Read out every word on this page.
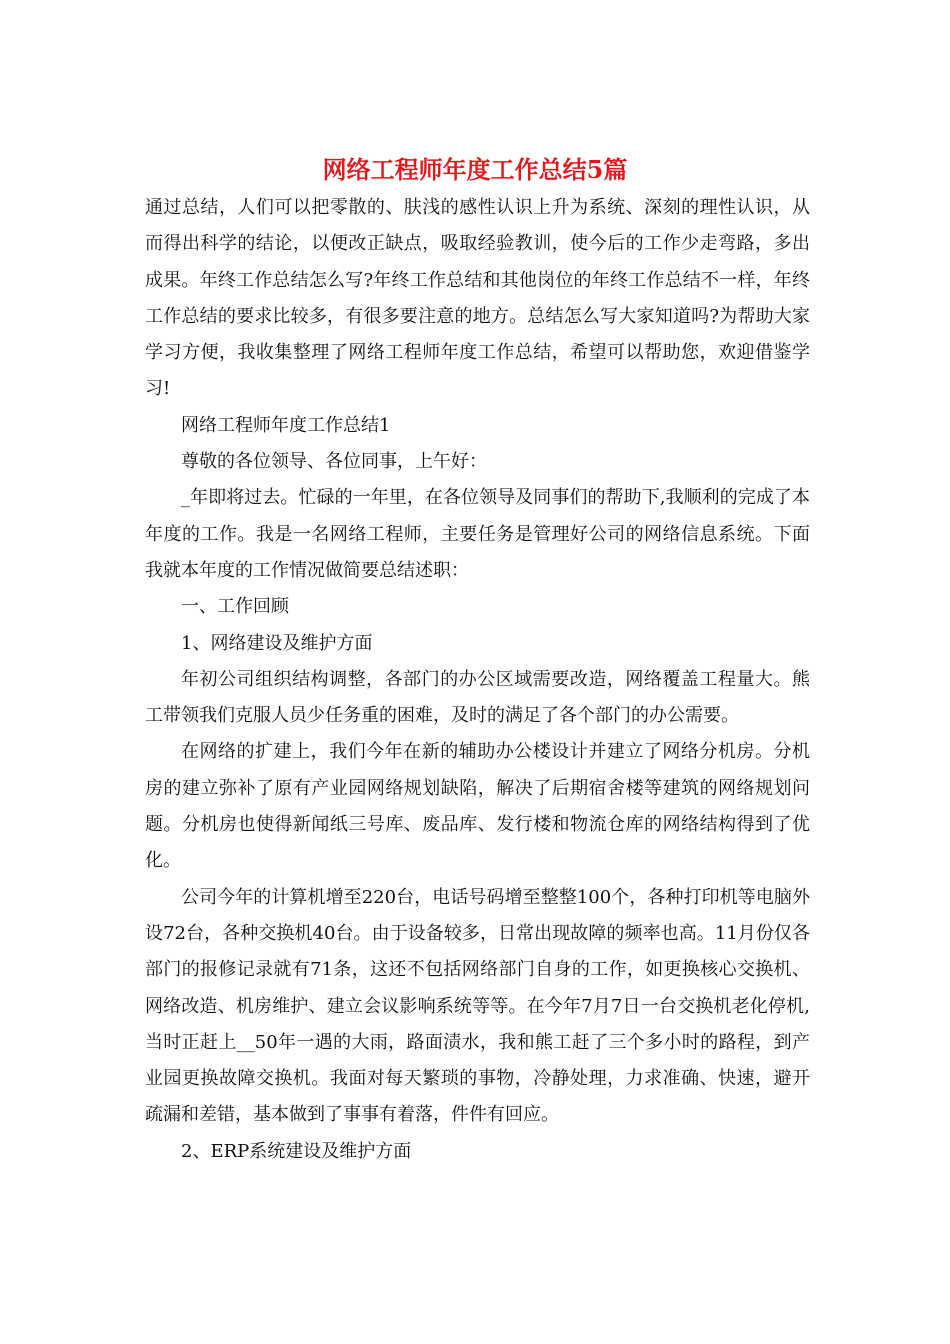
网络工程师年度工作总结5篇

通过总结，人们可以把零散的、肤浅的感性认识上升为系统、深刻的理性认识，从而得出科学的结论，以便改正缺点，吸取经验教训，使今后的工作少走弯路，多出成果。年终工作总结怎么写?年终工作总结和其他岗位的年终工作总结不一样，年终工作总结的要求比较多，有很多要注意的地方。总结怎么写大家知道吗?为帮助大家学习方便，我收集整理了网络工程师年度工作总结，希望可以帮助您，欢迎借鉴学习!

网络工程师年度工作总结1

尊敬的各位领导、各位同事，上午好：

_年即将过去。忙碌的一年里，在各位领导及同事们的帮助下,我顺利的完成了本年度的工作。我是一名网络工程师，主要任务是管理好公司的网络信息系统。下面我就本年度的工作情况做简要总结述职：

一、工作回顾

1、网络建设及维护方面

年初公司组织结构调整，各部门的办公区域需要改造，网络覆盖工程量大。熊工带领我们克服人员少任务重的困难，及时的满足了各个部门的办公需要。

在网络的扩建上，我们今年在新的辅助办公楼设计并建立了网络分机房。分机房的建立弥补了原有产业园网络规划缺陷，解决了后期宿舍楼等建筑的网络规划问题。分机房也使得新闻纸三号库、废品库、发行楼和物流仓库的网络结构得到了优化。

公司今年的计算机增至220台，电话号码增至整整100个，各种打印机等电脑外设72台，各种交换机40台。由于设备较多，日常出现故障的频率也高。11月份仅各部门的报修记录就有71条，这还不包括网络部门自身的工作，如更换核心交换机、网络改造、机房维护、建立会议影响系统等等。在今年7月7日一台交换机老化停机,当时正赶上__50年一遇的大雨，路面渍水，我和熊工赶了三个多小时的路程，到产业园更换故障交换机。我面对每天繁琐的事物，冷静处理，力求准确、快速，避开疏漏和差错，基本做到了事事有着落，件件有回应。

2、ERP系统建设及维护方面
